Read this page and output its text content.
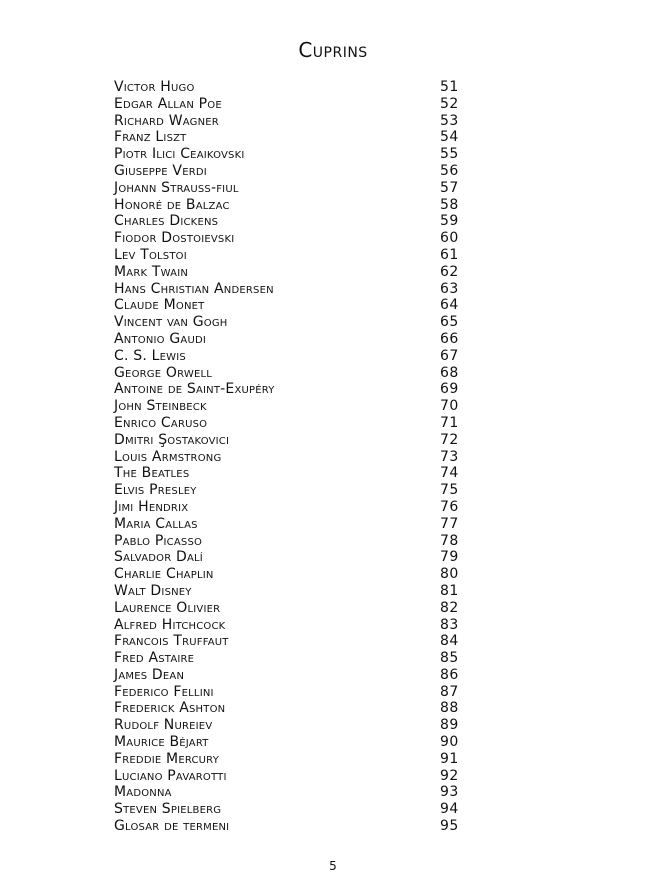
Cuprins
Victor Hugo	51
Edgar Allan Poe	52
Richard Wagner	53
Franz Liszt	54
Piotr Ilici Ceaikovski	55
Giuseppe Verdi	56
Johann Strauss-fiul	57
Honoré de Balzac	58
Charles Dickens	59
Fiodor Dostoievski	60
Lev Tolstoi	61
Mark Twain	62
Hans Christian Andersen	63
Claude Monet	64
Vincent van Gogh	65
Antonio Gaudi	66
C. S. Lewis	67
George Orwell	68
Antoine de Saint-Exupéry	69
John Steinbeck	70
Enrico Caruso	71
Dmitri Şostakovici	72
Louis Armstrong	73
The Beatles	74
Elvis Presley	75
Jimi Hendrix	76
Maria Callas	77
Pablo Picasso	78
Salvador Dalí	79
Charlie Chaplin	80
Walt Disney	81
Laurence Olivier	82
Alfred Hitchcock	83
Francois Truffaut	84
Fred Astaire	85
James Dean	86
Federico Fellini	87
Frederick Ashton	88
Rudolf Nureiev	89
Maurice Béjart	90
Freddie Mercury	91
Luciano Pavarotti	92
Madonna	93
Steven Spielberg	94
Glosar de termeni	95
5
